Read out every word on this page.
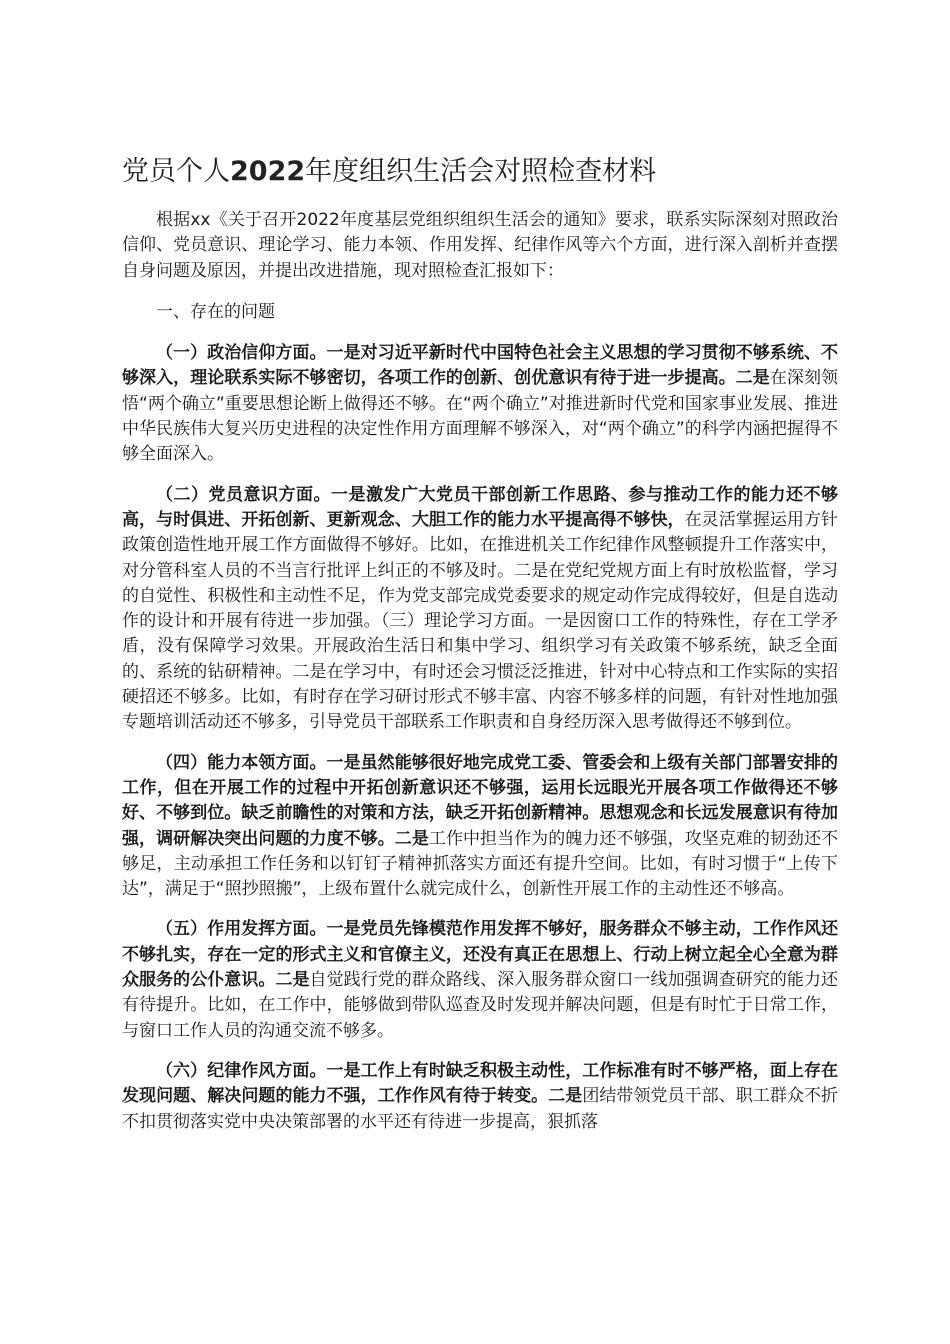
党员个人2022年度组织生活会对照检查材料

根据xx《关于召开2022年度基层党组织组织生活会的通知》要求，联系实际深刻对照政治信仰、党员意识、理论学习、能力本领、作用发挥、纪律作风等六个方面，进行深入剖析并查摆自身问题及原因，并提出改进措施，现对照检查汇报如下：

一、存在的问题

（一）政治信仰方面。一是对习近平新时代中国特色社会主义思想的学习贯彻不够系统、不够深入，理论联系实际不够密切，各项工作的创新、创优意识有待于进一步提高。二是在深刻领悟“两个确立”重要思想论断上做得还不够。在“两个确立”对推进新时代党和国家事业发展、推进中华民族伟大复兴历史进程的决定性作用方面理解不够深入，对“两个确立”的科学内涵把握得不够全面深入。

（二）党员意识方面。一是激发广大党员干部创新工作思路、参与推动工作的能力还不够高，与时俱进、开拓创新、更新观念、大胆工作的能力水平提高得不够快，在灵活掌握运用方针政策创造性地开展工作方面做得不够好。比如，在推进机关工作纪律作风整顿提升工作落实中，对分管科室人员的不当言行批评上纠正的不够及时。二是在党纪党规方面上有时放松监督，学习的自觉性、积极性和主动性不足，作为党支部完成党委要求的规定动作完成得较好，但是自选动作的设计和开展有待进一步加强。（三）理论学习方面。一是因窗口工作的特殊性，存在工学矛盾，没有保障学习效果。开展政治生活日和集中学习、组织学习有关政策不够系统，缺乏全面的、系统的钻研精神。二是在学习中，有时还会习惯泛泛推进，针对中心特点和工作实际的实招硬招还不够多。比如，有时存在学习研讨形式不够丰富、内容不够多样的问题，有针对性地加强专题培训活动还不够多，引导党员干部联系工作职责和自身经历深入思考做得还不够到位。

（四）能力本领方面。一是虽然能够很好地完成党工委、管委会和上级有关部门部署安排的工作，但在开展工作的过程中开拓创新意识还不够强，运用长远眼光开展各项工作做得还不够好、不够到位。缺乏前瞻性的对策和方法，缺乏开拓创新精神。思想观念和长远发展意识有待加强，调研解决突出问题的力度不够。二是工作中担当作为的魄力还不够强，攻坚克难的韧劲还不够足，主动承担工作任务和以钉钉子精神抓落实方面还有提升空间。比如，有时习惯于“上传下达”，满足于“照抄照搬”，上级布置什么就完成什么，创新性开展工作的主动性还不够高。

（五）作用发挥方面。一是党员先锋模范作用发挥不够好，服务群众不够主动，工作作风还不够扎实，存在一定的形式主义和官僚主义，还没有真正在思想上、行动上树立起全心全意为群众服务的公仆意识。二是自觉践行党的群众路线、深入服务群众窗口一线加强调查研究的能力还有待提升。比如，在工作中，能够做到带队巡查及时发现并解决问题，但是有时忙于日常工作，与窗口工作人员的沟通交流不够多。

（六）纪律作风方面。一是工作上有时缺乏积极主动性，工作标准有时不够严格，面上存在发现问题、解决问题的能力不强，工作作风有待于转变。二是团结带领党员干部、职工群众不折不扣贯彻落实党中央决策部署的水平还有待进一步提高，狠抓落
